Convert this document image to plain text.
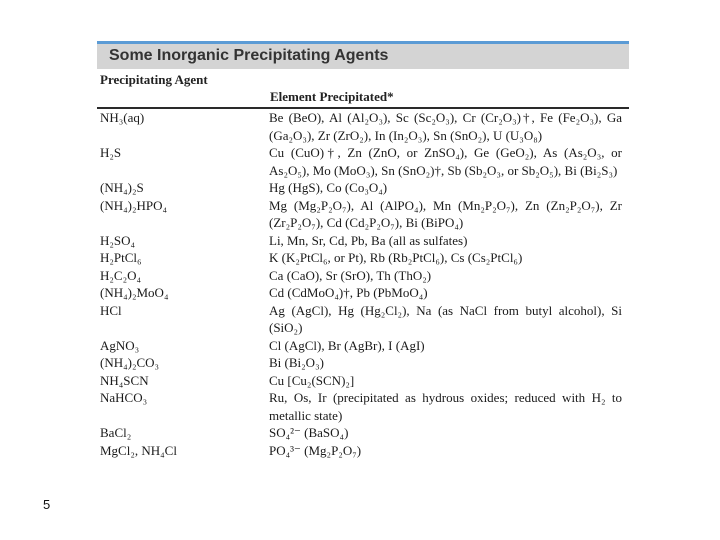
Some Inorganic Precipitating Agents
Precipitating Agent
Element Precipitated*
NH₃(aq)	Be (BeO), Al (Al₂O₃), Sc (Sc₂O₃), Cr (Cr₂O₃)†, Fe (Fe₂O₃), Ga (Ga₂O₃), Zr (ZrO₂), In (In₂O₃), Sn (SnO₂), U (U₃O₈)
H₂S	Cu (CuO)†, Zn (ZnO, or ZnSO₄), Ge (GeO₂), As (As₂O₃, or As₂O₅), Mo (MoO₃), Sn (SnO₂)†, Sb (Sb₂O₃, or Sb₂O₅), Bi (Bi₂S₃)
(NH₄)₂S	Hg (HgS), Co (Co₃O₄)
(NH₄)₂HPO₄	Mg (Mg₂P₂O₇), Al (AlPO₄), Mn (Mn₂P₂O₇), Zn (Zn₂P₂O₇), Zr (Zr₂P₂O₇), Cd (Cd₂P₂O₇), Bi (BiPO₄)
H₂SO₄	Li, Mn, Sr, Cd, Pb, Ba (all as sulfates)
H₂PtCl₆	K (K₂PtCl₆, or Pt), Rb (Rb₂PtCl₆), Cs (Cs₂PtCl₆)
H₂C₂O₄	Ca (CaO), Sr (SrO), Th (ThO₂)
(NH₄)₂MoO₄	Cd (CdMoO₄)†, Pb (PbMoO₄)
HCl	Ag (AgCl), Hg (Hg₂Cl₂), Na (as NaCl from butyl alcohol), Si (SiO₂)
AgNO₃	Cl (AgCl), Br (AgBr), I (AgI)
(NH₄)₂CO₃	Bi (Bi₂O₃)
NH₄SCN	Cu [Cu₂(SCN)₂]
NaHCO₃	Ru, Os, Ir (precipitated as hydrous oxides; reduced with H₂ to metallic state)
BaCl₂	SO₄²⁻ (BaSO₄)
MgCl₂, NH₄Cl	PO₄³⁻ (Mg₂P₂O₇)
5
